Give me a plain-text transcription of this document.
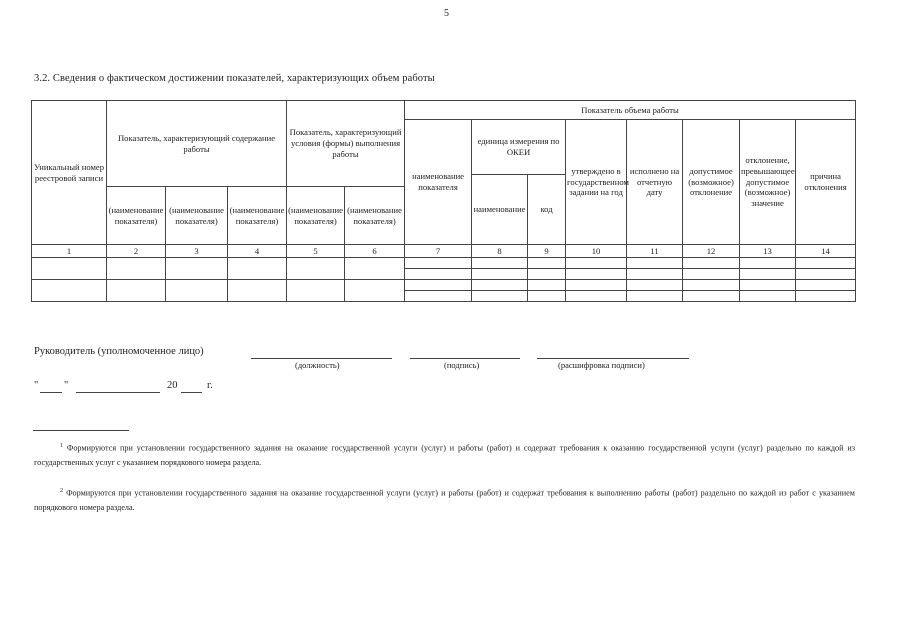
5
3.2. Сведения о фактическом достижении показателей, характеризующих объем работы
Уникальный номер реестровой записи	Показатель, характеризующий содержание работы			Показатель, характеризующий условия (формы) выполнения работы		Показатель объема работы							
						наименование показателя	единица измерения по ОКЕИ		утверждено в государственном задании на год	исполнено на отчетную дату	допустимое (возможное) отклонение	отклонение, превышающее допустимое (возможное) значение	причина отклонения
							наименование	код					
	(наименование показателя)	(наименование показателя)	(наименование показателя)	(наименование показателя)	(наименование показателя)								
1	2	3	4	5	6	7	8	9	10	11	12	13	14

Руководитель (уполномоченное лицо)
(должность)	(подпись)	(расшифровка подписи)
" "	20	г.
$^1$ Формируются при установлении государственного задания на оказание государственной услуги (услуг) и работы (работ) и содержат требования к оказанию государственной услуги (услуг) раздельно по каждой из государственных услуг с указанием порядкового номера раздела.
$^2$ Формируются при установлении государственного задания на оказание государственной услуги (услуг) и работы (работ) и содержат требования к выполнению работы (работ) раздельно по каждой из работ с указанием порядкового номера раздела.
